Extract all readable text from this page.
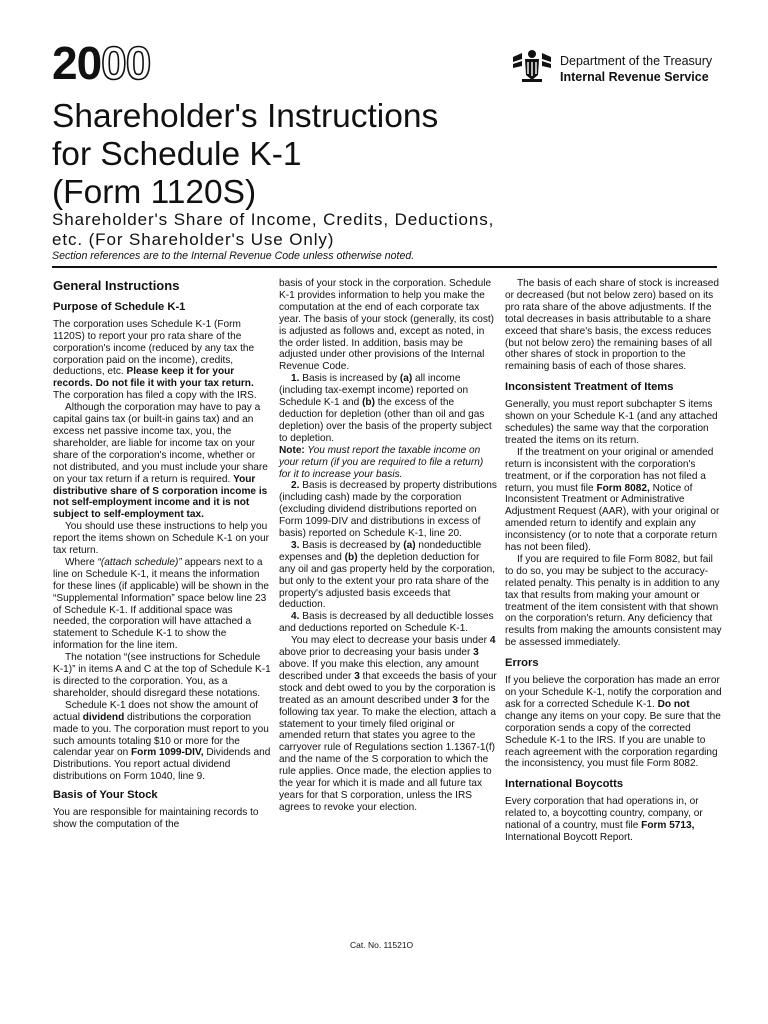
2000	Department of the Treasury
Internal Revenue Service
Shareholder's Instructions
for Schedule K-1
(Form 1120S)

Shareholder's Share of Income, Credits, Deductions,
etc. (For Shareholder's Use Only)

Section references are to the Internal Revenue Code unless otherwise noted.
General Instructions
Purpose of Schedule K-1

The corporation uses Schedule K-1 (Form 1120S) to report your pro rata share of the corporation's income (reduced by any tax the corporation paid on the income), credits, deductions, etc. Please keep it for your records. Do not file it with your tax return. The corporation has filed a copy with the IRS.

Although the corporation may have to pay a capital gains tax (or built-in gains tax) and an excess net passive income tax, you, the shareholder, are liable for income tax on your share of the corporation's income, whether or not distributed, and you must include your share on your tax return if a return is required. Your distributive share of S corporation income is not self-employment income and it is not subject to self-employment tax.

You should use these instructions to help you report the items shown on Schedule K-1 on your tax return.

Where “(attach schedule)” appears next to a line on Schedule K-1, it means the information for these lines (if applicable) will be shown in the “Supplemental Information” space below line 23 of Schedule K-1. If additional space was needed, the corporation will have attached a statement to Schedule K-1 to show the information for the line item.

The notation “(see instructions for Schedule K-1)” in items A and C at the top of Schedule K-1 is directed to the corporation. You, as a shareholder, should disregard these notations.

Schedule K-1 does not show the amount of actual dividend distributions the corporation made to you. The corporation must report to you such amounts totaling $10 or more for the calendar year on Form 1099-DIV, Dividends and Distributions. You report actual dividend distributions on Form 1040, line 9.

Basis of Your Stock

You are responsible for maintaining records to show the computation of the

basis of your stock in the corporation. Schedule K-1 provides information to help you make the computation at the end of each corporate tax year. The basis of your stock (generally, its cost) is adjusted as follows and, except as noted, in the order listed. In addition, basis may be adjusted under other provisions of the Internal Revenue Code.

1. Basis is increased by (a) all income (including tax-exempt income) reported on Schedule K-1 and (b) the excess of the deduction for depletion (other than oil and gas depletion) over the basis of the property subject to depletion.

Note: You must report the taxable income on your return (if you are required to file a return) for it to increase your basis.

2. Basis is decreased by property distributions (including cash) made by the corporation (excluding dividend distributions reported on Form 1099-DIV and distributions in excess of basis) reported on Schedule K-1, line 20.

3. Basis is decreased by (a) nondeductible expenses and (b) the depletion deduction for any oil and gas property held by the corporation, but only to the extent your pro rata share of the property's adjusted basis exceeds that deduction.

4. Basis is decreased by all deductible losses and deductions reported on Schedule K-1.

You may elect to decrease your basis under 4 above prior to decreasing your basis under 3 above. If you make this election, any amount described under 3 that exceeds the basis of your stock and debt owed to you by the corporation is treated as an amount described under 3 for the following tax year. To make the election, attach a statement to your timely filed original or amended return that states you agree to the carryover rule of Regulations section 1.1367-1(f) and the name of the S corporation to which the rule applies. Once made, the election applies to the year for which it is made and all future tax years for that S corporation, unless the IRS agrees to revoke your election.

The basis of each share of stock is increased or decreased (but not below zero) based on its pro rata share of the above adjustments. If the total decreases in basis attributable to a share exceed that share's basis, the excess reduces (but not below zero) the remaining bases of all other shares of stock in proportion to the remaining basis of each of those shares.

Inconsistent Treatment of Items

Generally, you must report subchapter S items shown on your Schedule K-1 (and any attached schedules) the same way that the corporation treated the items on its return.

If the treatment on your original or amended return is inconsistent with the corporation's treatment, or if the corporation has not filed a return, you must file Form 8082, Notice of Inconsistent Treatment or Administrative Adjustment Request (AAR), with your original or amended return to identify and explain any inconsistency (or to note that a corporate return has not been filed).

If you are required to file Form 8082, but fail to do so, you may be subject to the accuracy-related penalty. This penalty is in addition to any tax that results from making your amount or treatment of the item consistent with that shown on the corporation's return. Any deficiency that results from making the amounts consistent may be assessed immediately.

Errors

If you believe the corporation has made an error on your Schedule K-1, notify the corporation and ask for a corrected Schedule K-1. Do not change any items on your copy. Be sure that the corporation sends a copy of the corrected Schedule K-1 to the IRS. If you are unable to reach agreement with the corporation regarding the inconsistency, you must file Form 8082.

International Boycotts

Every corporation that had operations in, or related to, a boycotting country, company, or national of a country, must file Form 5713, International Boycott Report.

Cat. No. 11521O
